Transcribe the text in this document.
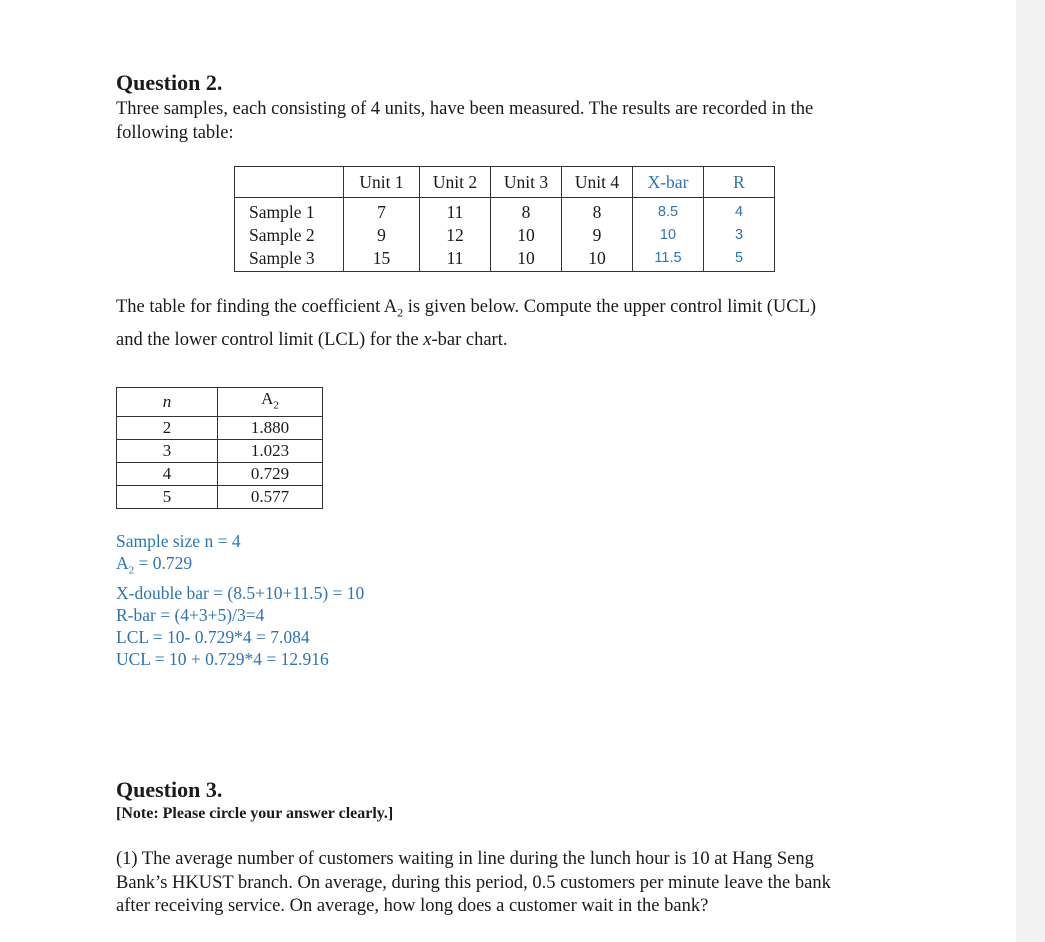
Question 2.

Three samples, each consisting of 4 units, have been measured. The results are recorded in the
following table:

	Unit 1	Unit 2	Unit 3	Unit 4	X-bar	R
Sample 1	7	11	8	8	8.5	4
Sample 2	9	12	10	9	10	3
Sample 3	15	11	10	10	11.5	5

The table for finding the coefficient $A_2$ is given below. Compute the upper control limit (UCL)
and the lower control limit (LCL) for the x-bar chart.

n	$A_2$
2	1.880
3	1.023
4	0.729
5	0.577
Sample size n = 4
$A_2 = 0.729$
X-double bar = (8.5+10+11.5) = 10
R-bar = (4+3+5)/3=4
LCL = 10- 0.729*4 = 7.084
UCL = 10 + 0.729*4 = 12.916
Question 3.
[Note: Please circle your answer clearly.]

(1) The average number of customers waiting in line during the lunch hour is 10 at Hang Seng
Bank’s HKUST branch. On average, during this period, 0.5 customers per minute leave the bank
after receiving service. On average, how long does a customer wait in the bank?
